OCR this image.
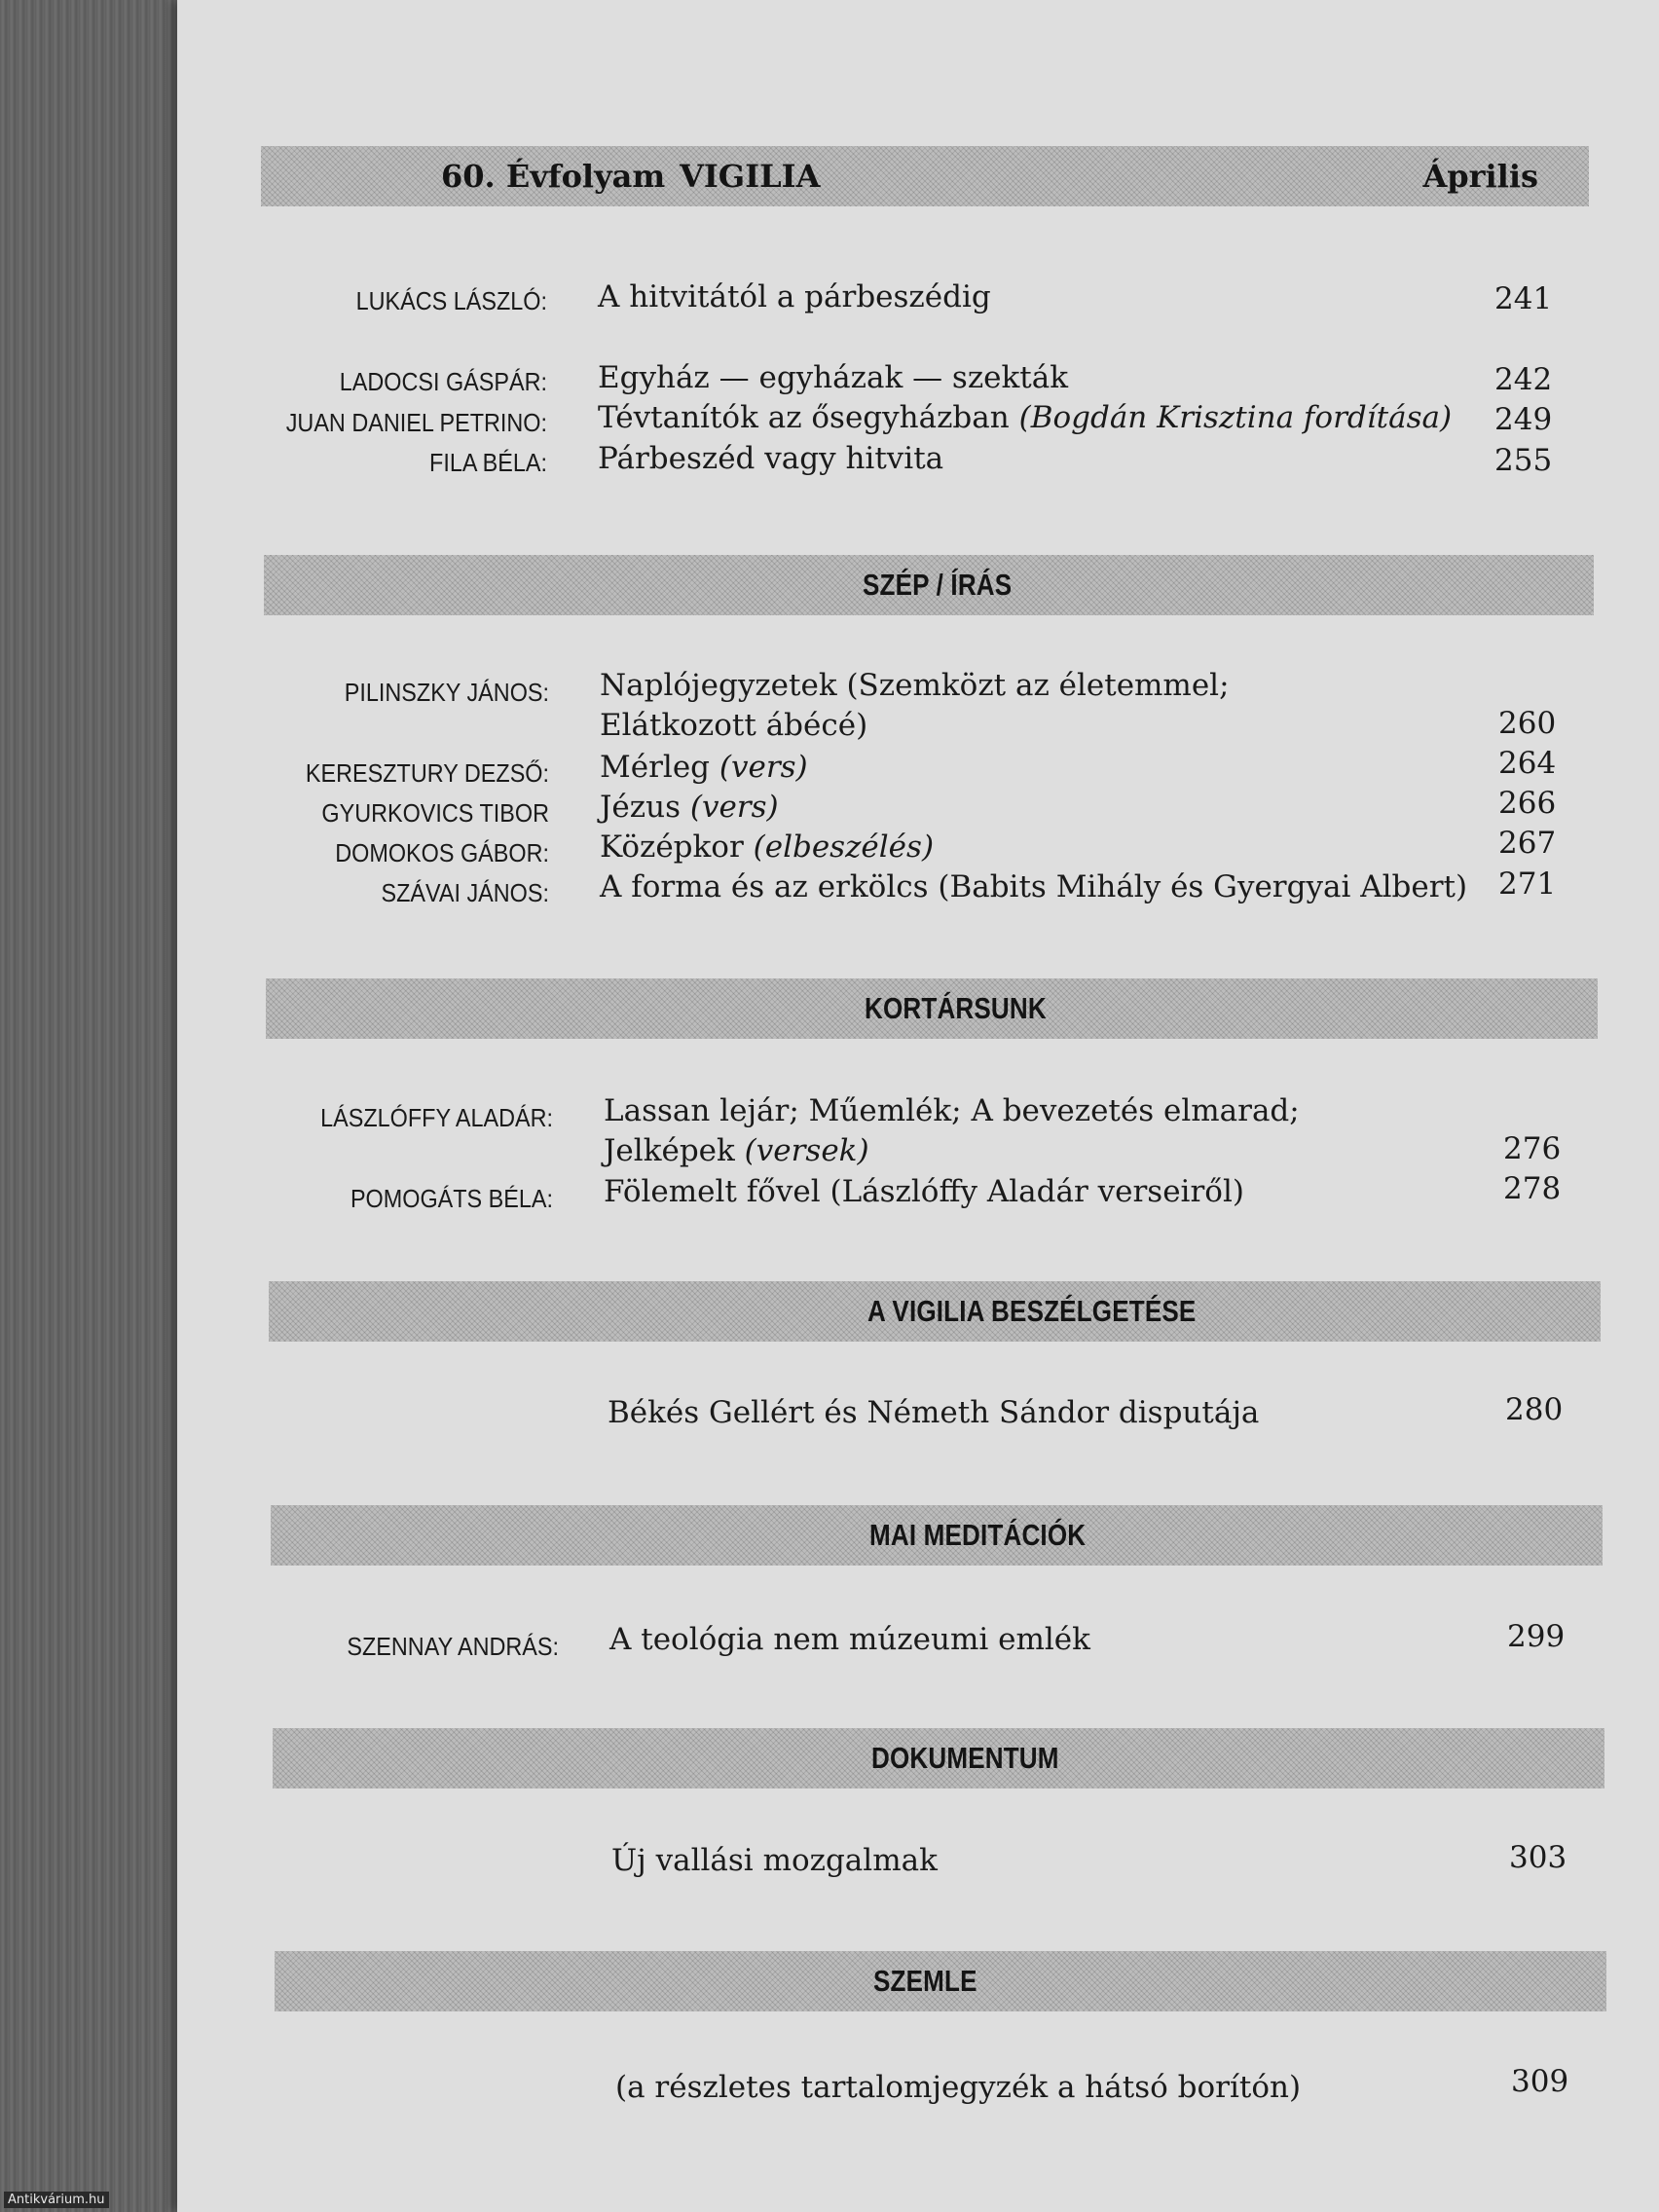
60. Évfolyam VIGILIA	Április
LUKÁCS LÁSZLÓ: A hitvitától a párbeszédig	241
LADOCSI GÁSPÁR: Egyház — egyházak — szekták	242
JUAN DANIEL PETRINO: Tévtanítók az ősegyházban (Bogdán Krisztina fordítása) 249
FILA BÉLA: Párbeszéd vagy hitvita	255
SZÉP / ÍRÁS
PILINSZKY JÁNOS: Naplójegyzetek (Szemközt az életemmel;
Elátkozott ábécé)	260
KERESZTURY DEZSŐ: Mérleg (vers)	264
GYURKOVICS TIBOR Jézus (vers)	266
DOMOKOS GÁBOR: Középkor (elbeszélés)	267
SZÁVAI JÁNOS: A forma és az erkölcs (Babits Mihály és Gyergyai Albert) 271
KORTÁRSUNK
LÁSZLÓFFY ALADÁR: Lassan lejár; Műemlék; A bevezetés elmarad;
Jelképek (versek)	276
POMOGÁTS BÉLA: Fölemelt fővel (Lászlóffy Aladár verseiről)	278
A VIGILIA BESZÉLGETÉSE
Békés Gellért és Németh Sándor disputája	280
MAI MEDITÁCIÓK
SZENNAY ANDRÁS: A teológia nem múzeumi emlék	299
DOKUMENTUM
Új vallási mozgalmak	303
SZEMLE
(a részletes tartalomjegyzék a hátsó borítón)	309
Antikvárium.hu
